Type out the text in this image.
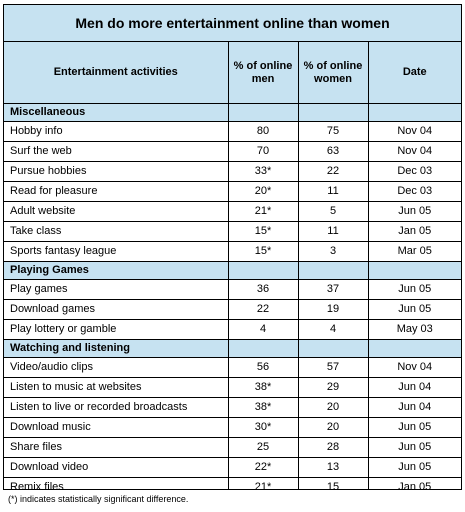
Men do more entertainment online than women
Entertainment activities	% of online men	% of online women	Date
Miscellaneous			
Hobby info	80	75	Nov 04
Surf the web	70	63	Nov 04
Pursue hobbies	33*	22	Dec 03
Read for pleasure	20*	11	Dec 03
Adult website	21*	5	Jun 05
Take class	15*	11	Jan 05
Sports fantasy league	15*	3	Mar 05
Playing Games			
Play games	36	37	Jun 05
Download games	22	19	Jun 05
Play lottery or gamble	4	4	May 03
Watching and listening			
Video/audio clips	56	57	Nov 04
Listen to music at websites	38*	29	Jun 04
Listen to live or recorded broadcasts	38*	20	Jun 04
Download music	30*	20	Jun 05
Share files	25	28	Jun 05
Download video	22*	13	Jun 05
Remix files	21*	15	Jan 05
(*) indicates statistically significant difference.
